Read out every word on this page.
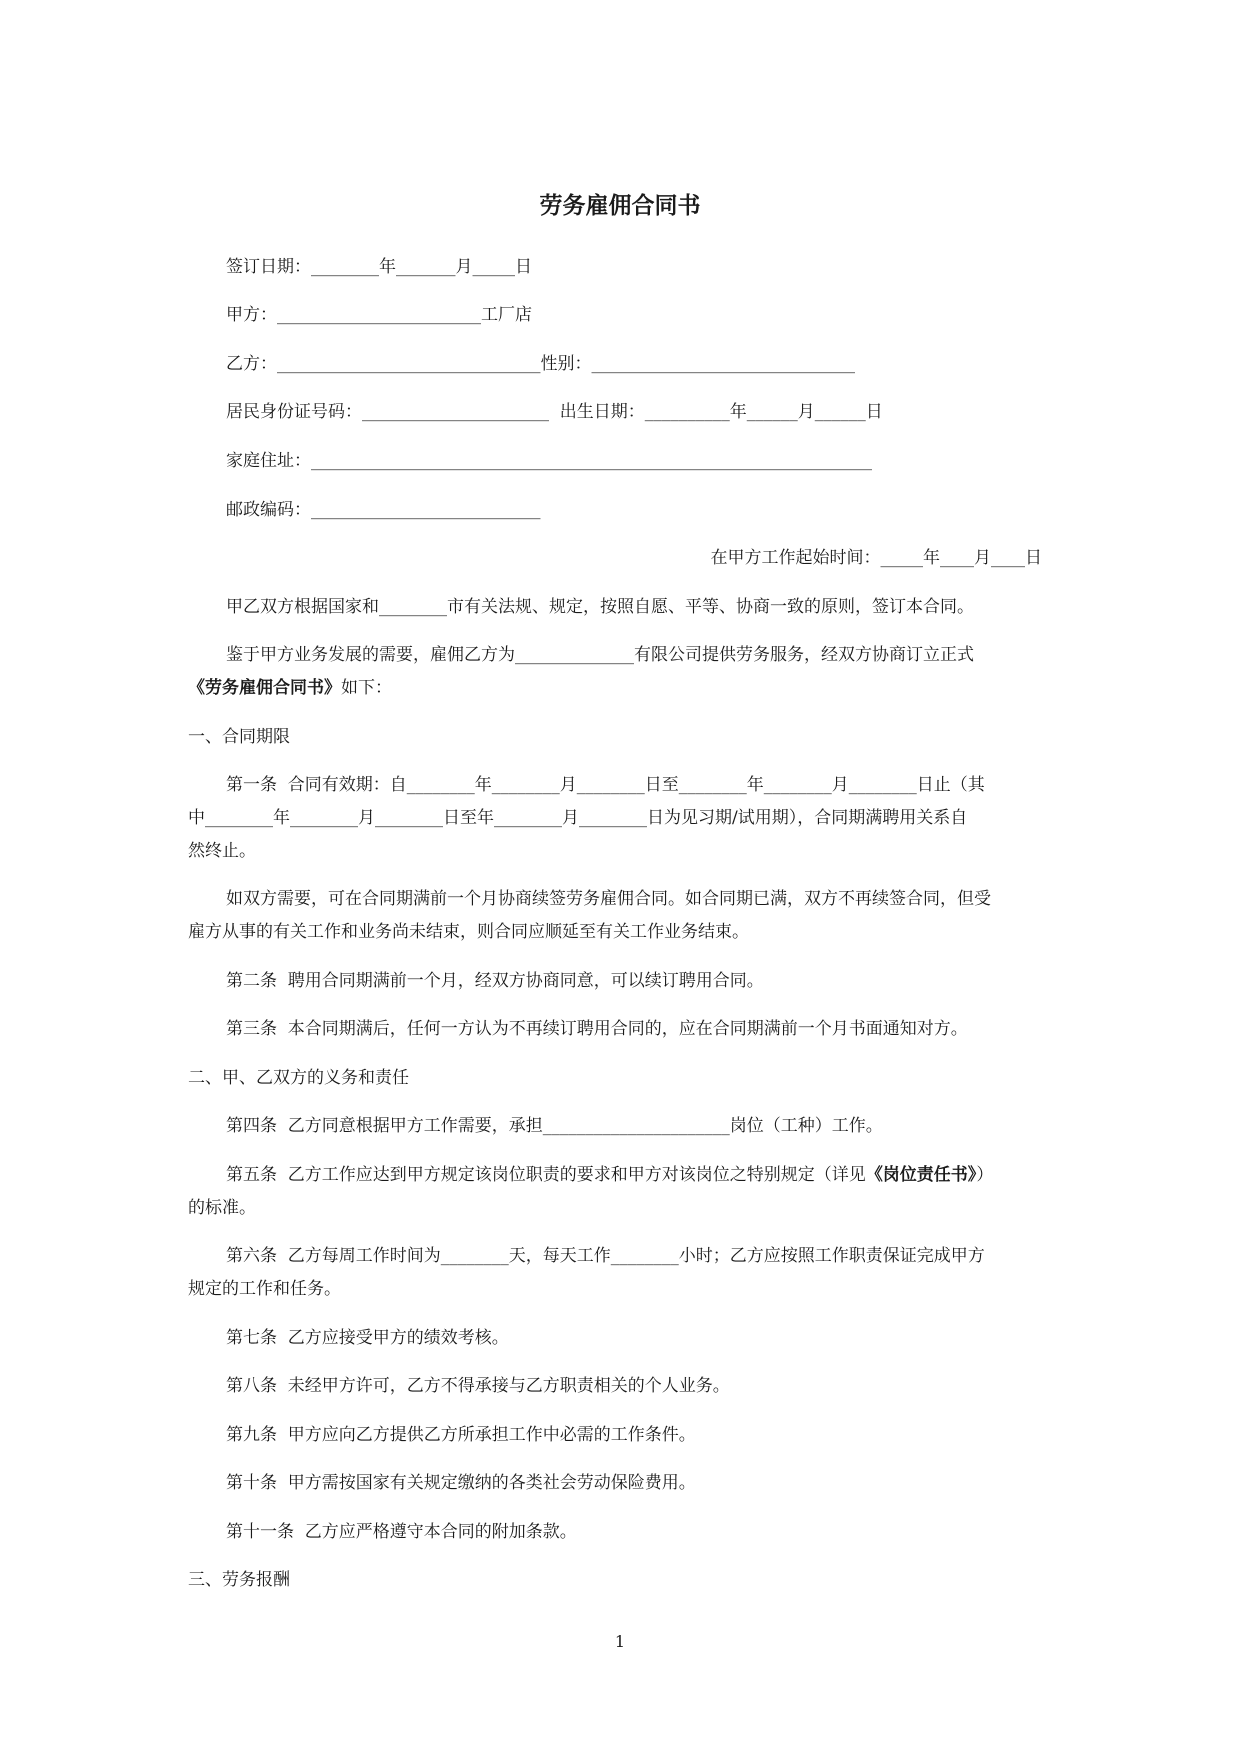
劳务雇佣合同书
签订日期：________年_______月_____日
甲方：________________________工厂店
乙方：_______________________________性别：_______________________________
居民身份证号码：______________________  出生日期：__________年______月______日
家庭住址：__________________________________________________________________
邮政编码：___________________________
在甲方工作起始时间：_____年____月____日
甲乙双方根据国家和________市有关法规、规定，按照自愿、平等、协商一致的原则，签订本合同。
鉴于甲方业务发展的需要，雇佣乙方为______________有限公司提供劳务服务，经双方协商订立正式
《劳务雇佣合同书》如下：
一、合同期限
第一条  合同有效期：自________年________月________日至________年________月________日止（其
中________年________月________日至年________月________日为见习期/试用期），合同期满聘用关系自
然终止。
如双方需要，可在合同期满前一个月协商续签劳务雇佣合同。如合同期已满，双方不再续签合同，但受
雇方从事的有关工作和业务尚未结束，则合同应顺延至有关工作业务结束。
第二条  聘用合同期满前一个月，经双方协商同意，可以续订聘用合同。
第三条  本合同期满后，任何一方认为不再续订聘用合同的，应在合同期满前一个月书面通知对方。
二、甲、乙双方的义务和责任
第四条  乙方同意根据甲方工作需要，承担______________________岗位（工种）工作。
第五条  乙方工作应达到甲方规定该岗位职责的要求和甲方对该岗位之特别规定（详见《岗位责任书》）
的标准。
第六条  乙方每周工作时间为________天，每天工作________小时；乙方应按照工作职责保证完成甲方
规定的工作和任务。
第七条  乙方应接受甲方的绩效考核。
第八条  未经甲方许可，乙方不得承接与乙方职责相关的个人业务。
第九条  甲方应向乙方提供乙方所承担工作中必需的工作条件。
第十条  甲方需按国家有关规定缴纳的各类社会劳动保险费用。
第十一条  乙方应严格遵守本合同的附加条款。
三、劳务报酬
1
